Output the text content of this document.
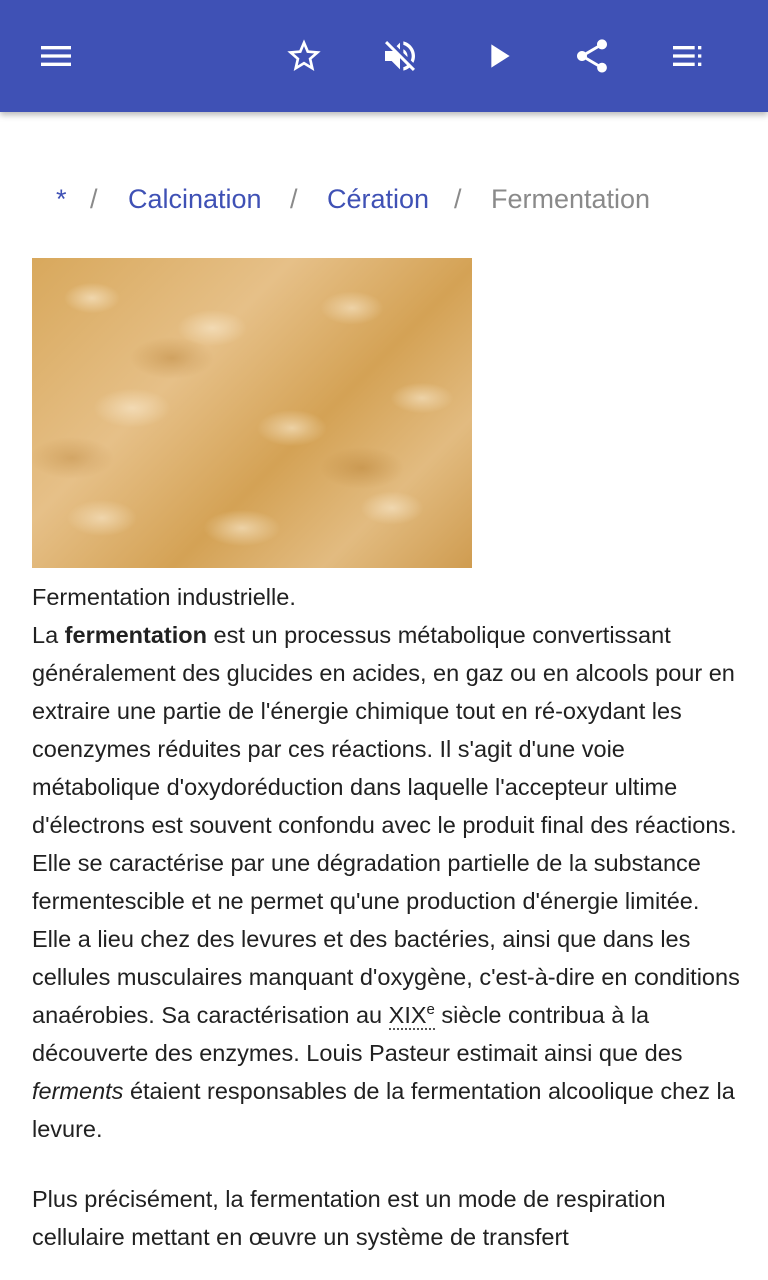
* / Calcination / Cération / Fermentation

Fermentation industrielle.

La fermentation est un processus métabolique convertissant généralement des glucides en acides, en gaz ou en alcools pour en extraire une partie de l'énergie chimique tout en ré-oxydant les coenzymes réduites par ces réactions. Il s'agit d'une voie métabolique d'oxydoréduction dans laquelle l'accepteur ultime d'électrons est souvent confondu avec le produit final des réactions. Elle se caractérise par une dégradation partielle de la substance fermentescible et ne permet qu'une production d'énergie limitée. Elle a lieu chez des levures et des bactéries, ainsi que dans les cellules musculaires manquant d'oxygène, c'est-à-dire en conditions anaérobies. Sa caractérisation au XIXe siècle contribua à la découverte des enzymes. Louis Pasteur estimait ainsi que des ferments étaient responsables de la fermentation alcoolique chez la levure.

Plus précisément, la fermentation est un mode de respiration cellulaire mettant en œuvre un système de transfert
